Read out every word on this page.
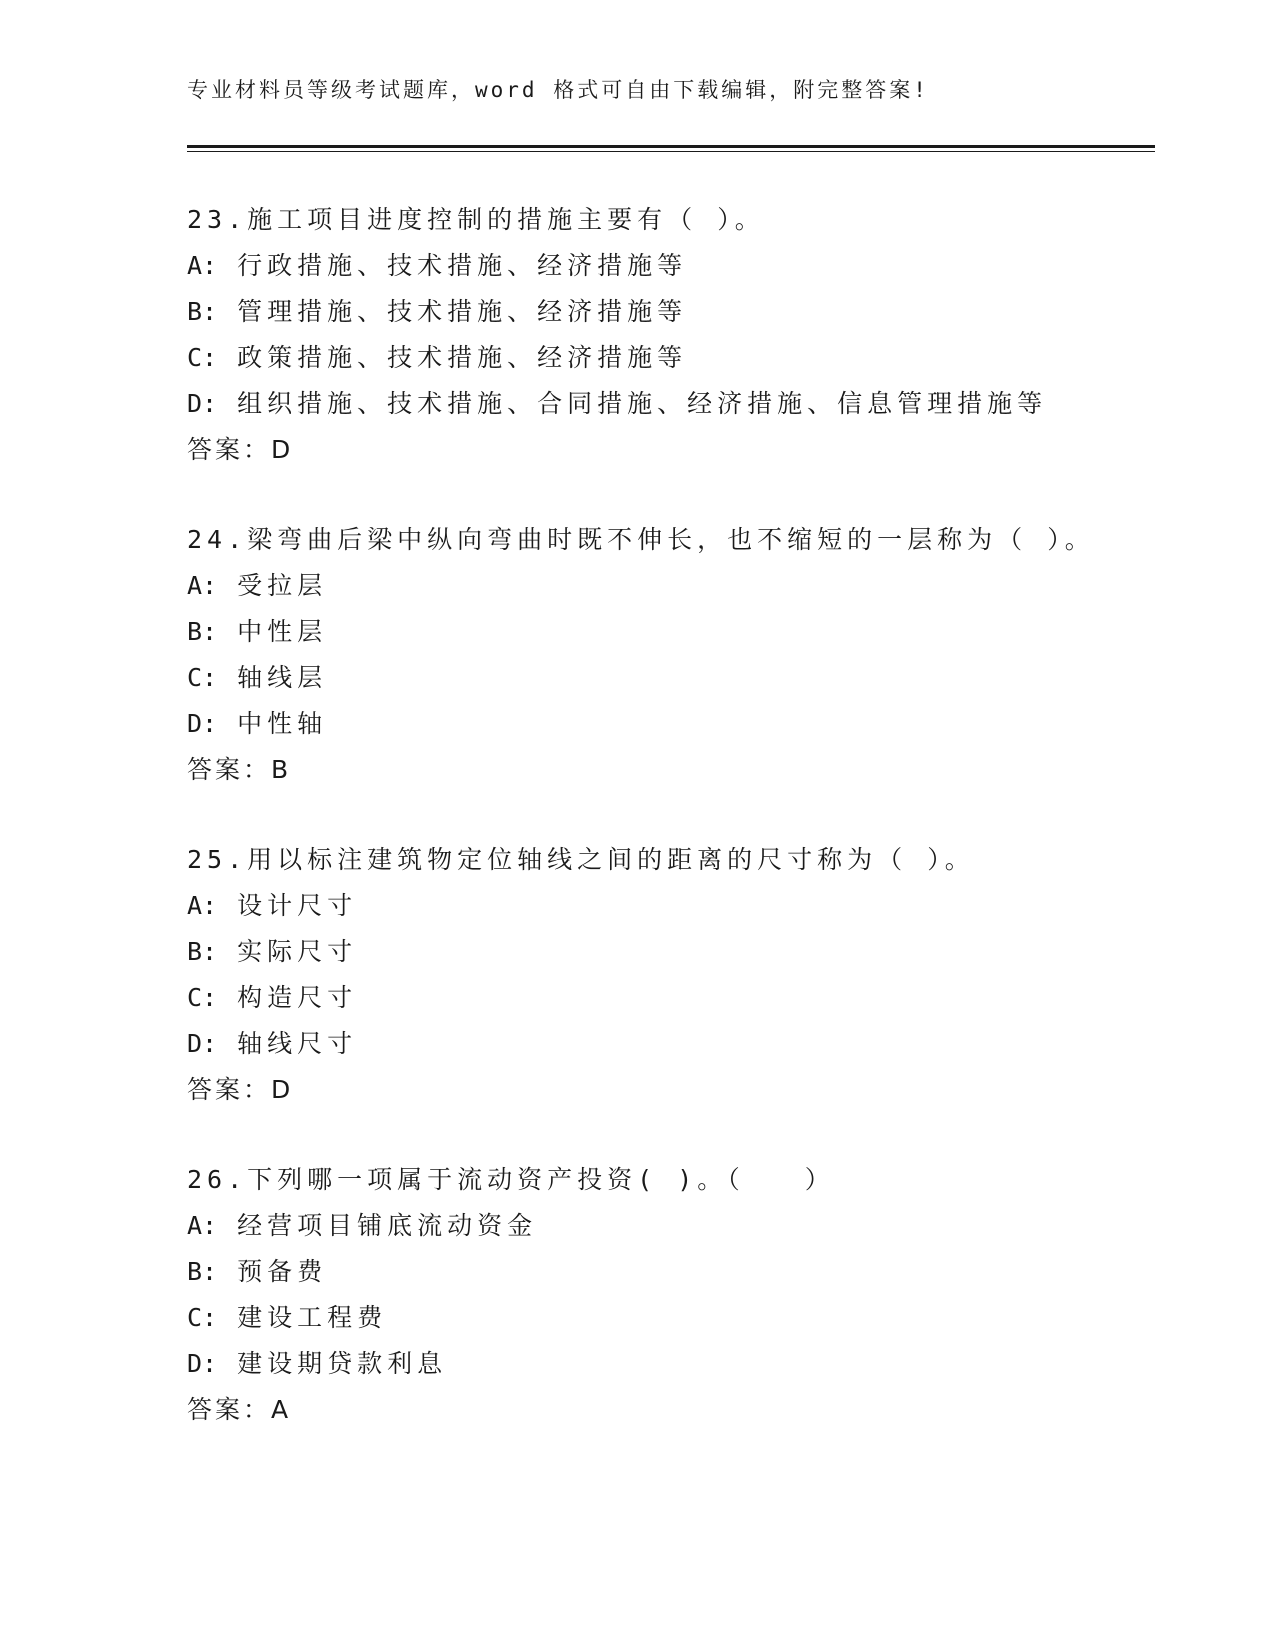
专业材料员等级考试题库，word 格式可自由下载编辑，附完整答案!
23.施工项目进度控制的措施主要有（ ）。
A: 行政措施、技术措施、经济措施等
B: 管理措施、技术措施、经济措施等
C: 政策措施、技术措施、经济措施等
D: 组织措施、技术措施、合同措施、经济措施、信息管理措施等
答案：D
24.梁弯曲后梁中纵向弯曲时既不伸长，也不缩短的一层称为（ ）。
A: 受拉层
B: 中性层
C: 轴线层
D: 中性轴
答案：B
25.用以标注建筑物定位轴线之间的距离的尺寸称为（ ）。
A: 设计尺寸
B: 实际尺寸
C: 构造尺寸
D: 轴线尺寸
答案：D
26.下列哪一项属于流动资产投资( )。（　　）
A: 经营项目铺底流动资金
B: 预备费
C: 建设工程费
D: 建设期贷款利息
答案：A
